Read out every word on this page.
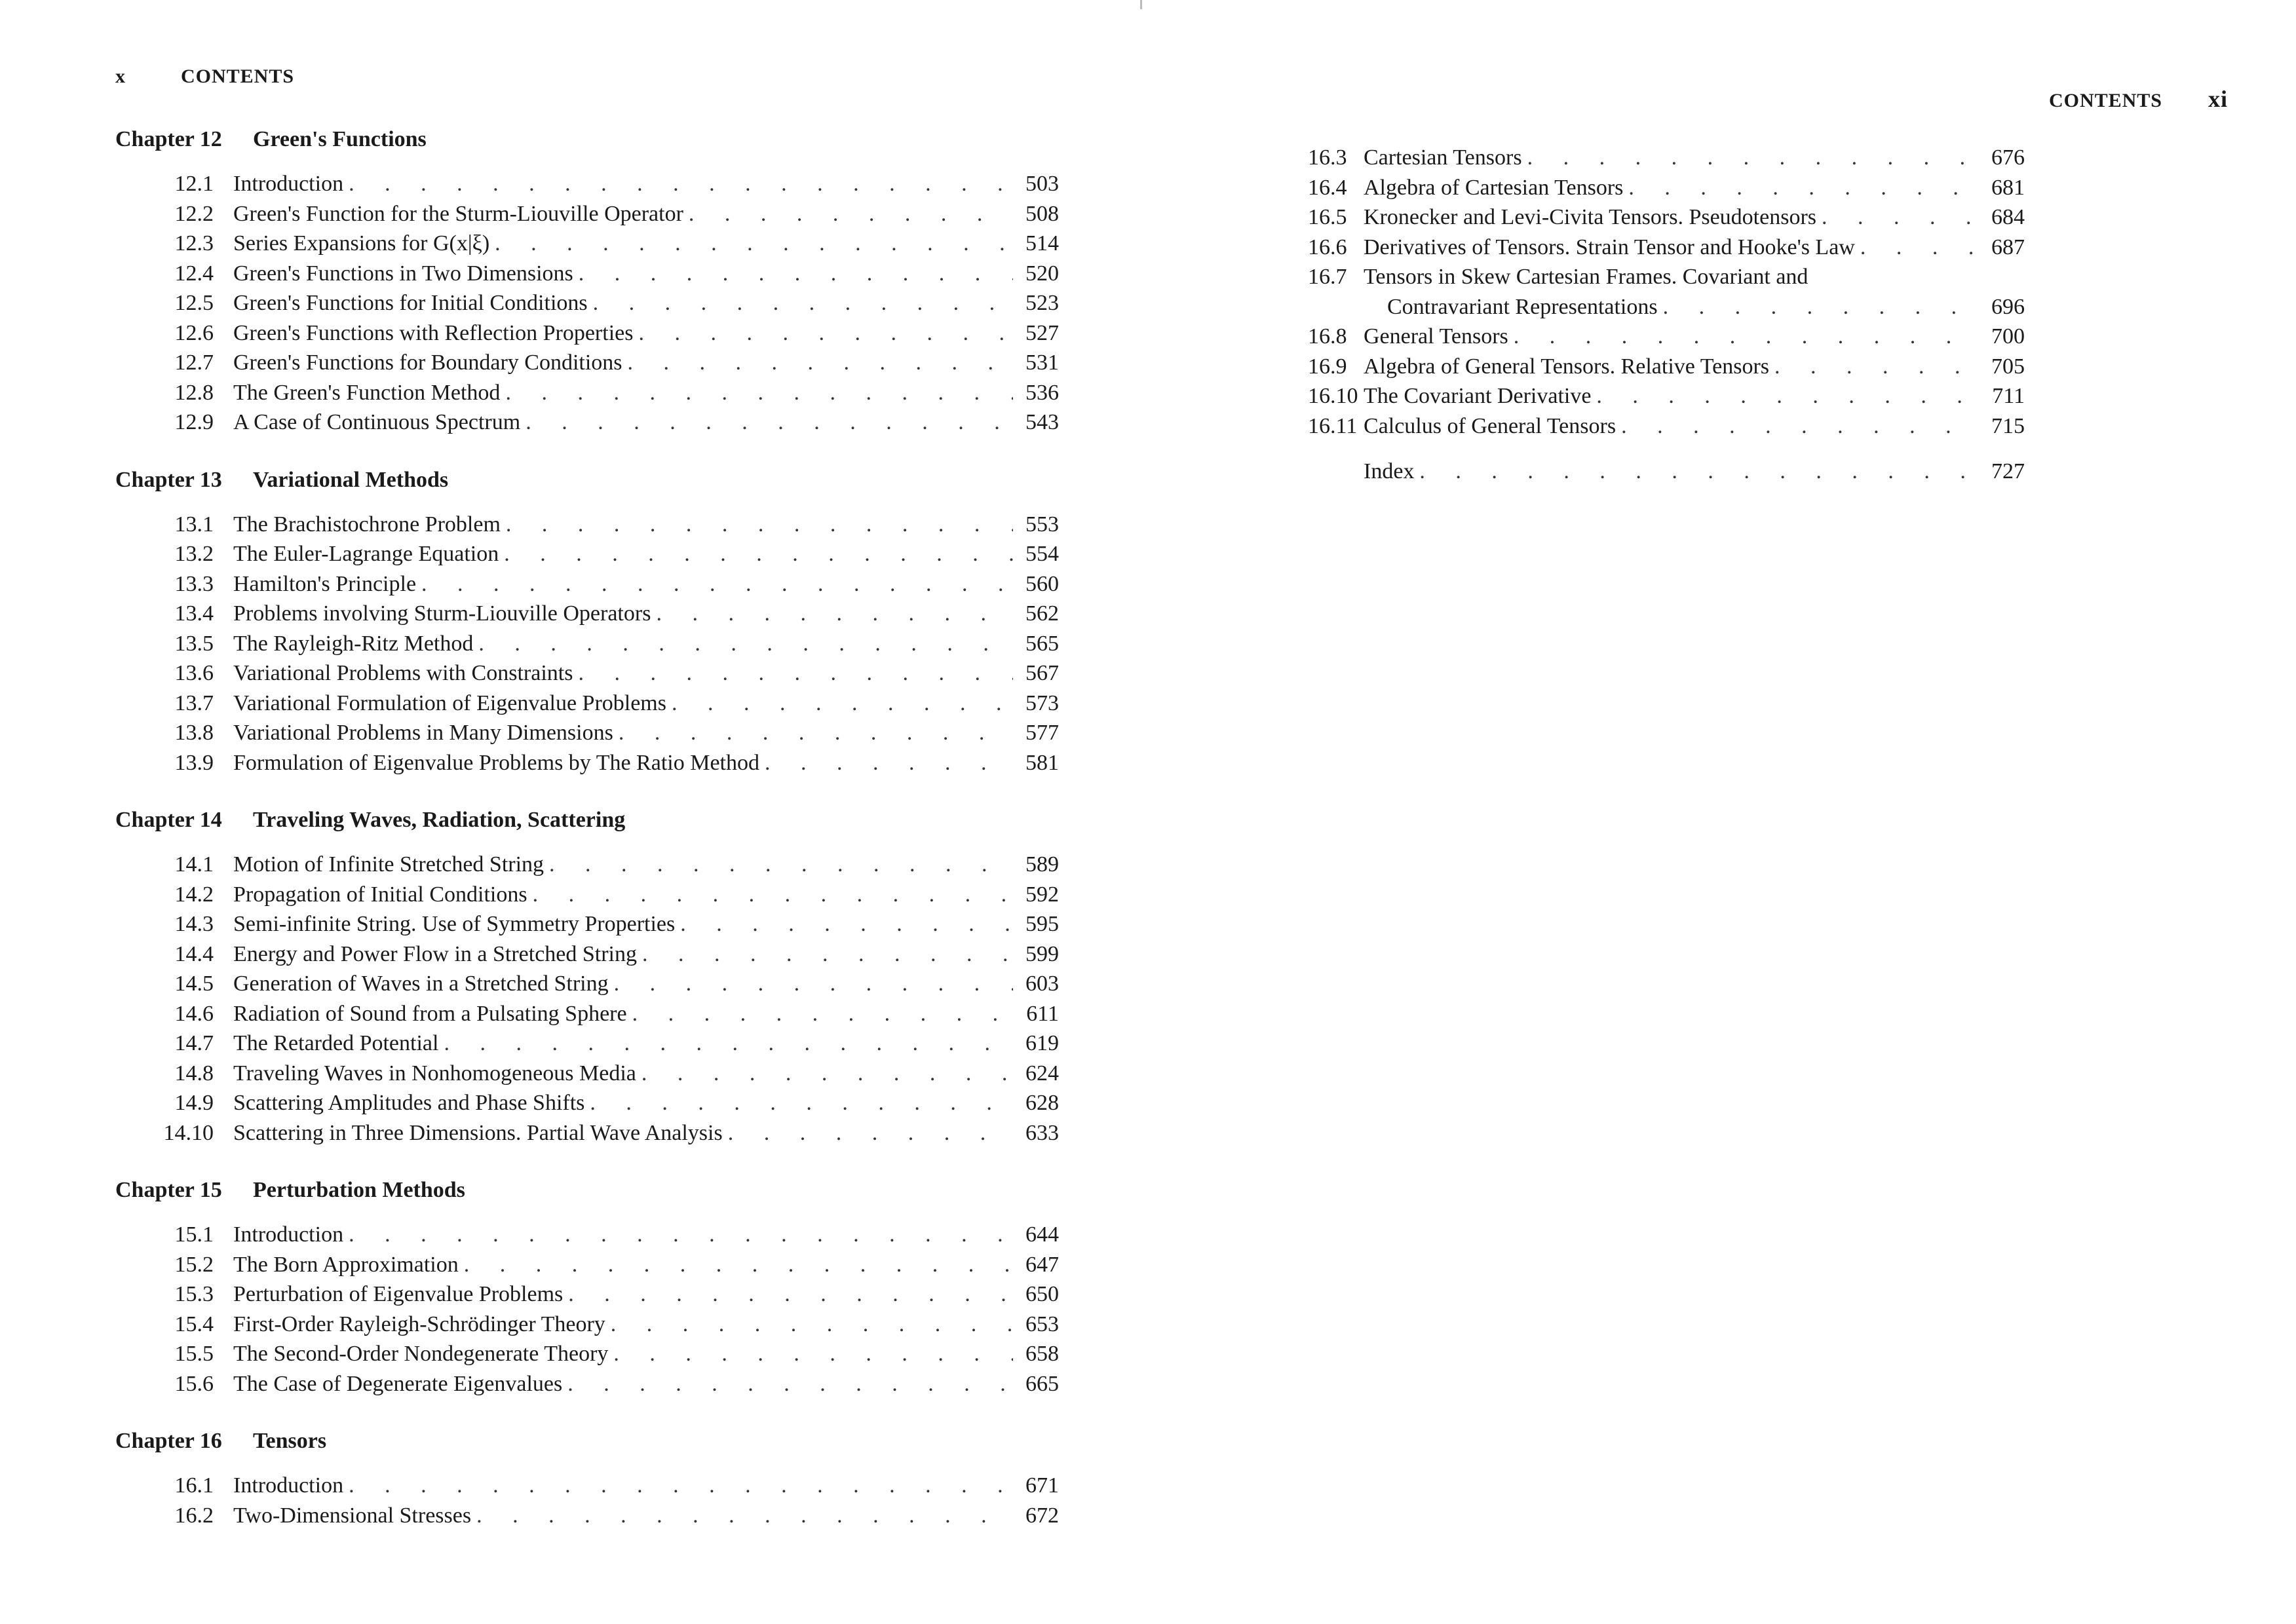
x	CONTENTS
Chapter 12	Green's Functions
12.1 Introduction . . .	503
12.2 Green's Function for the Sturm-Liouville Operator . . .	508
12.3 Series Expansions for G(x|ξ) . . .	514
12.4 Green's Functions in Two Dimensions . . .	520
12.5 Green's Functions for Initial Conditions . . .	523
12.6 Green's Functions with Reflection Properties . . .	527
12.7 Green's Functions for Boundary Conditions . . .	531
12.8 The Green's Function Method . . .	536
12.9 A Case of Continuous Spectrum . . .	543
Chapter 13	Variational Methods
13.1 The Brachistochrone Problem . . .	553
13.2 The Euler-Lagrange Equation . . .	554
13.3 Hamilton's Principle . . .	560
13.4 Problems involving Sturm-Liouville Operators . . .	562
13.5 The Rayleigh-Ritz Method . . .	565
13.6 Variational Problems with Constraints . . .	567
13.7 Variational Formulation of Eigenvalue Problems . . .	573
13.8 Variational Problems in Many Dimensions . . .	577
13.9 Formulation of Eigenvalue Problems by The Ratio Method . . .	581
Chapter 14	Traveling Waves, Radiation, Scattering
14.1 Motion of Infinite Stretched String . . .	589
14.2 Propagation of Initial Conditions . . .	592
14.3 Semi-infinite String. Use of Symmetry Properties . . .	595
14.4 Energy and Power Flow in a Stretched String . . .	599
14.5 Generation of Waves in a Stretched String . . .	603
14.6 Radiation of Sound from a Pulsating Sphere . . .	611
14.7 The Retarded Potential . . .	619
14.8 Traveling Waves in Nonhomogeneous Media . . .	624
14.9 Scattering Amplitudes and Phase Shifts . . .	628
14.10 Scattering in Three Dimensions. Partial Wave Analysis . . .	633
Chapter 15	Perturbation Methods
15.1 Introduction . . .	644
15.2 The Born Approximation . . .	647
15.3 Perturbation of Eigenvalue Problems . . .	650
15.4 First-Order Rayleigh-Schrödinger Theory . . .	653
15.5 The Second-Order Nondegenerate Theory . . .	658
15.6 The Case of Degenerate Eigenvalues . . .	665
Chapter 16	Tensors
16.1 Introduction . . .	671
16.2 Two-Dimensional Stresses . . .	672
CONTENTS xi
16.3 Cartesian Tensors . . .	676
16.4 Algebra of Cartesian Tensors . . .	681
16.5 Kronecker and Levi-Civita Tensors. Pseudotensors . . .	684
16.6 Derivatives of Tensors. Strain Tensor and Hooke's Law . . .	687
16.7 Tensors in Skew Cartesian Frames. Covariant and
Contravariant Representations . . .	696
16.8 General Tensors . . .	700
16.9 Algebra of General Tensors. Relative Tensors . . .	705
16.10 The Covariant Derivative . . .	711
16.11 Calculus of General Tensors . . .	715
Index . . .	727
